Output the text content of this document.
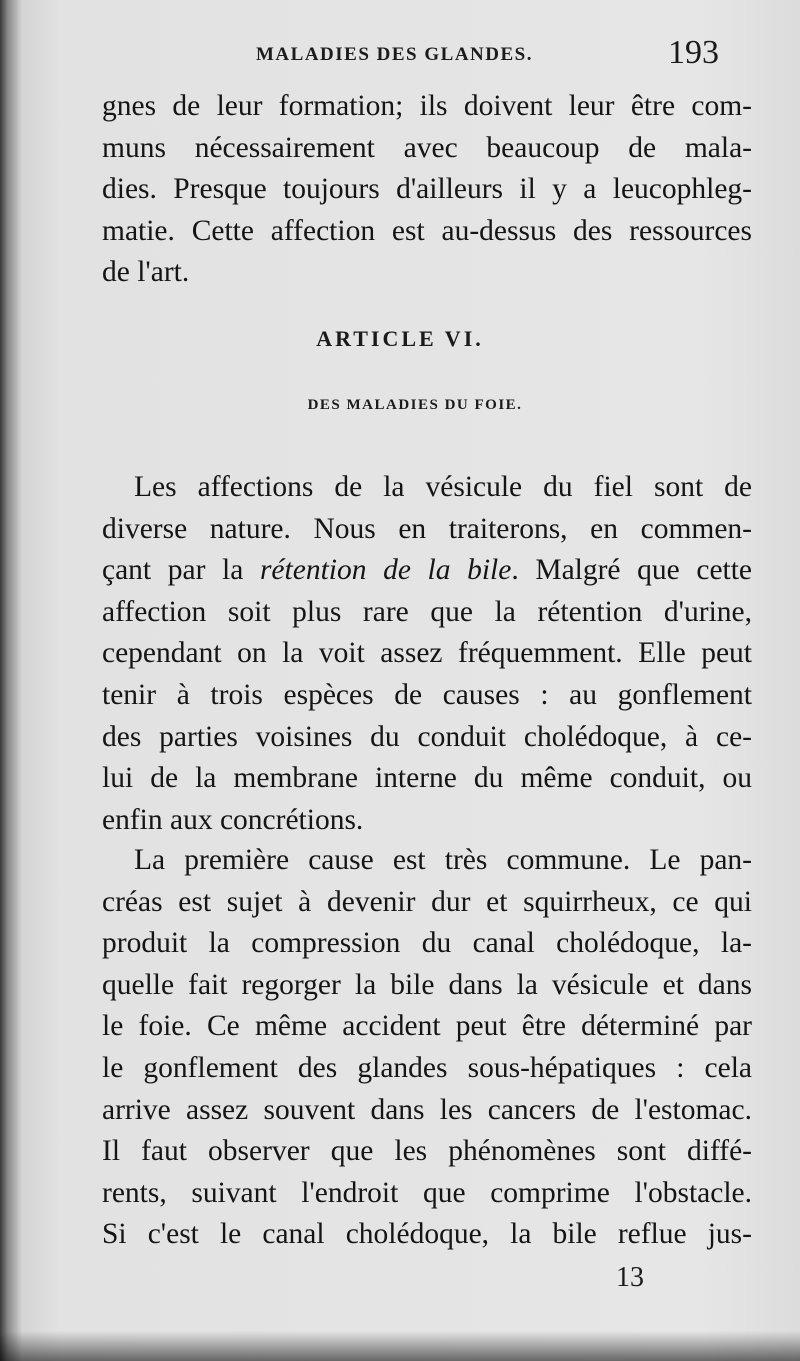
MALADIES DES GLANDES.	193
gnes de leur formation; ils doivent leur être com-
muns nécessairement avec beaucoup de mala-
dies. Presque toujours d'ailleurs il y a leucophleg-
matie. Cette affection est au-dessus des ressources
de l'art.
ARTICLE VI.
DES MALADIES DU FOIE.
Les affections de la vésicule du fiel sont de
diverse nature. Nous en traiterons, en commen-
çant par la rétention de la bile. Malgré que cette
affection soit plus rare que la rétention d'urine,
cependant on la voit assez fréquemment. Elle peut
tenir à trois espèces de causes : au gonflement
des parties voisines du conduit cholédoque, à ce-
lui de la membrane interne du même conduit, ou
enfin aux concrétions.
La première cause est très commune. Le pan-
créas est sujet à devenir dur et squirrheux, ce qui
produit la compression du canal cholédoque, la-
quelle fait regorger la bile dans la vésicule et dans
le foie. Ce même accident peut être déterminé par
le gonflement des glandes sous-hépatiques : cela
arrive assez souvent dans les cancers de l'estomac.
Il faut observer que les phénomènes sont diffé-
rents, suivant l'endroit que comprime l'obstacle.
Si c'est le canal cholédoque, la bile reflue jus-
13
